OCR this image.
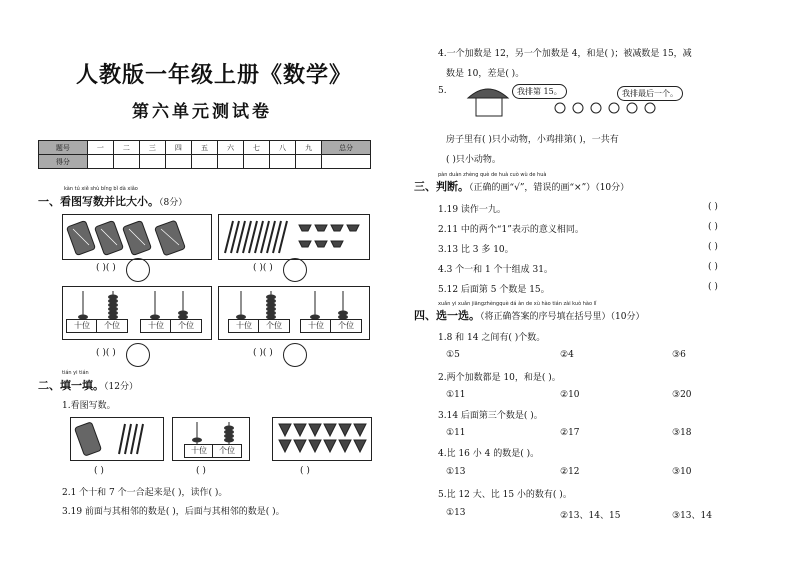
人教版一年级上册《数学》
第六单元测试卷
题号	一	二	三	四	五	六	七	八	九	总分
得分										
kàn tú xiě shù bǐng bǐ dà xiǎo
一、看图写数并比大小。（8分）
( )( )	( )( )
十位	个位	十位	个位	十位	个位	十位	个位
( )( )	( )( )
tián yi tián
二、填一填。（12分）
1.看图写数。
十位	个位
( )	( )	( )
2.1 个十和 7 个一合起来是( )，读作( )。
3.19 前面与其相邻的数是( )，后面与其相邻的数是( )。
4.一个加数是 12，另一个加数是 4，和是( )；被减数是 15，减
数是 10，差是( )。
5.	我排第 15。	我排最后一个。
房子里有( )只小动物，小鸡排第( )，一共有
( )只小动物。
pàn duàn zhèng què de huà cuò wù de huà
三、判断。（正确的画“√”，错误的画“×”）（10分）
1.19 读作一九。	( )
2.11 中的两个“1”表示的意义相同。	( )
3.13 比 3 多 10。	( )
4.3 个一和 1 个十组成 31。	( )
5.12 后面第 5 个数是 15。	( )
xuǎn yi xuǎn jiāngzhèngquè dá àn de xù hào tián zài kuò hào lǐ
四、选一选。（将正确答案的序号填在括号里）（10分）
1.8 和 14 之间有( )个数。
①5	②4	③6
2.两个加数都是 10，和是( )。
①11	②10	③20
3.14 后面第三个数是( )。
①11	②17	③18
4.比 16 小 4 的数是( )。
①13	②12	③10
5.比 12 大、比 15 小的数有( )。
①13	②13、14、15	③13、14
